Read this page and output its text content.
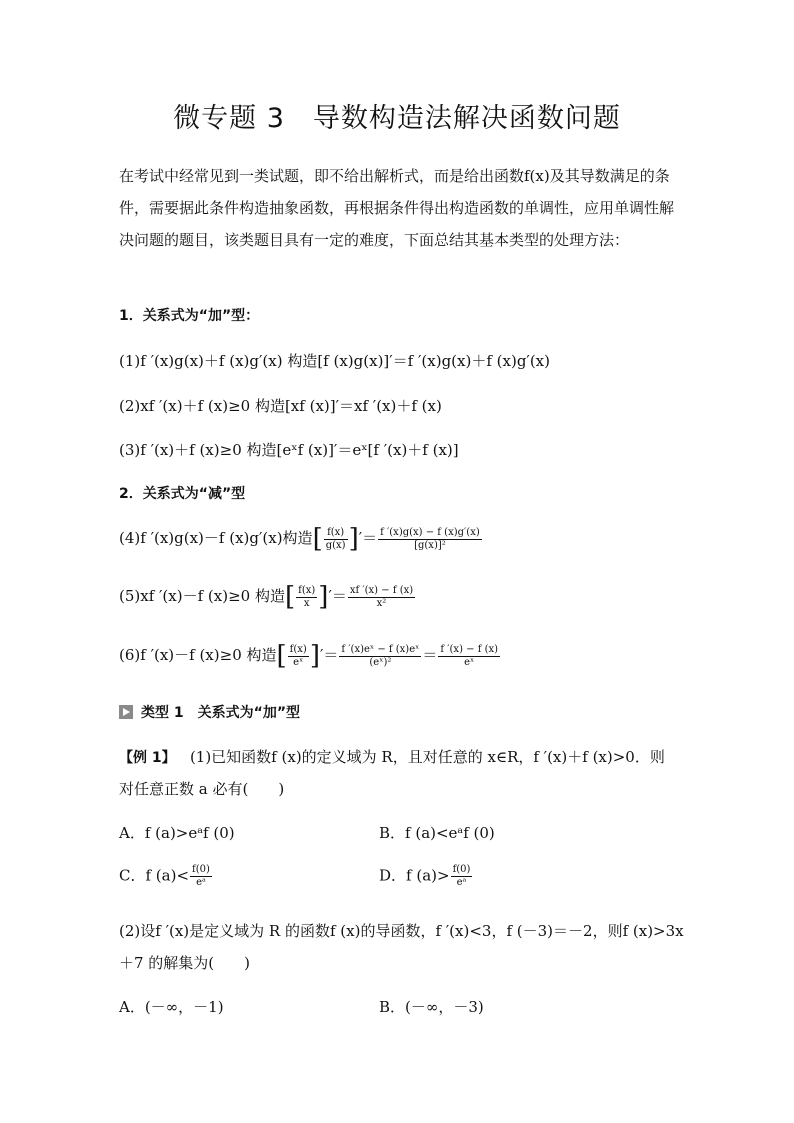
微专题 3　导数构造法解决函数问题
在考试中经常见到一类试题，即不给出解析式，而是给出函数f(x)及其导数满足的条件，需要据此条件构造抽象函数，再根据条件得出构造函数的单调性，应用单调性解决问题的题目，该类题目具有一定的难度，下面总结其基本类型的处理方法：
1．关系式为“加”型：
(1)f ′(x)g(x)＋f (x)g′(x) 构造[f (x)g(x)]′＝f ′(x)g(x)＋f (x)g′(x)
(2)xf ′(x)＋f (x)≥0 构造[xf (x)]′＝xf ′(x)＋f (x)
(3)f ′(x)＋f (x)≥0 构造[eˣf (x)]′＝eˣ[f ′(x)＋f (x)]
2．关系式为“减”型
(4)f ′(x)g(x)－f (x)g′(x)构造[ $\frac{f(x)}{g(x)}$ ]′＝ $\frac{f '(x)g(x) - f (x)g'(x)}{\text{[g(x)]²}}$
(5)xf ′(x)－f (x)≥0 构造[ $\frac{f(x)}{x}$ ]′＝ $\frac{xf '(x) - f (x)}{\text{x²}}$
(6)f ′(x)－f (x)≥0 构造[ $\frac{f(x)}{\text{eˣ}}$ ]′＝ $\frac{\text{f ′(x)eˣ − f (x)eˣ}}{\text{(eˣ)²}} = \frac{f '(x) - f (x)}{\text{eˣ}}$
类型 1　关系式为“加”型
【例 1】 (1)已知函数f (x)的定义域为 R，且对任意的 x∈R，f ′(x)＋f (x)>0．则
对任意正数 a 必有(　　)
A．f (a)>eᵃf (0)	B．f (a)<eᵃf (0)
C．f $(a)< \frac{f(0)}{\text{eᵃ}}$	D．f $(a)> \frac{f(0)}{\text{eᵃ}}$
(2)设f ′(x)是定义域为 R 的函数f (x)的导函数，f ′(x)<3，f (－3)＝－2，则f (x)>3x
＋7 的解集为(　　)
A．(－∞，－1)	B．(－∞，－3)
